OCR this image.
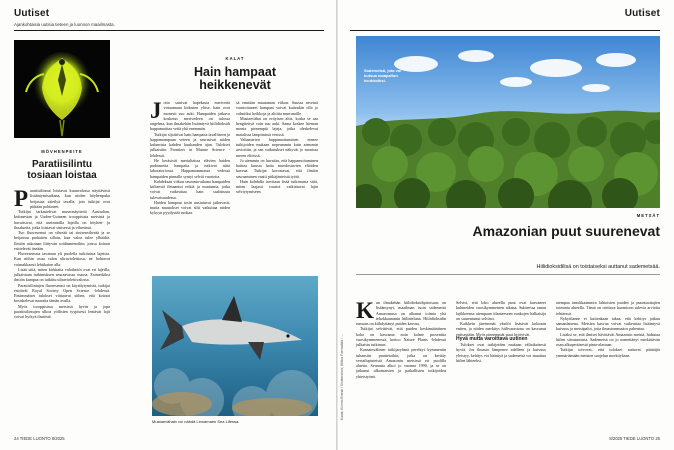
Uutiset
Ajankohtaisia uutisia tieteen ja luonnon maailmasta.
MÖVHENPEITE
Paratiisilintu tosiaan loistaa

Paratiisilinnut loistavat kuunvalossa näyttävästi lisääntymisaikana, kun niiden höyhenpuku heijastaa säteilyä tavalla, jota tutkijat ovat pitkään pohtineet.

Tutkijat tarkastelivat museonäytteitä Australian, Indonesian ja Uuden-Guinean trooppisista metsistä ja havaitsivat, että useimmilla lajeilla on höyhen- ja ihoalueita, jotka loistavat sinisessä ja vihreässä.

Tuo fluoresenssi on vihreää tai sinisenvihreää ja se heijastuu parhaiten silloin, kun valoa tulee ylhäältä. Ilmiön uskotaan liittyvän soidinmenoihin, joissa koiraat esittelevät itseään.

Fluoresenssia tavataan yli puolella tutkituista lajeista. Kun niihin osuu valon ultraviolettiosa, ne hohtavat voimakkaasti lehtikaton alla.

Lisää siitä, miten kirkkaita valoilmiöt ovat eri lajeilla, julkaistaan tutkimuksen seuraavassa osassa. Esimerkiksi ilmiön kampaa on tutkittu ultraviolettivalossa.

Paratiisilintujen fluoresenssi on käyttäytymistä, tutkijat esittävät Royal Society Open Science -lehdessä. Ensimmäiset tulokset viittaavat siihen, että koiraat kosiskelevat naaraita tämän avulla.

Myös trooppisissa metsissä hyvin ja jopa paratiisilintujen ulkoa yöllisten tyypisesti lentävät lajit voivat hyötyä ilmiöstä.

KALAT
Hain hampaat heikkenevät

Jotta saisivat hapekasta merivettä virtaamaan kidusten ylitse, hain ovat monesti suu auki. Hampaiden jatkuva kosketus merivedeen on tulossa ongelma, kun ilmakehän lisääntyvä hiilidioksidi happamoittaa vettä yhä enemmän.

Tutkijat sijoittivat hain hampaita tavalliseen ja happamampaan veteen ja seurasivat niiden kulumista kahden kuukauden ajan. Tulokset julkaistiin Frontiers in Marine Science -lehdessä.

He keräsivät merialtaissa elävien haiden pudonneita hampaita ja tutkivat niitä laboratoriossa. Happamammassa vedessä hampaiden pinnalle syntyi selviä vaurioita.

Kahdeksan viikon seuranta-aikana hampaiden kiilteestä ilmaantui reikiä ja murtumia, jotka voivat vaikeuttaa hain saalistusta tulevaisuudessa.

Haiden hampaat tosin uusiutuvat jatkuvasti, mutta muutokset voivat silti vaikuttaa niiden kykyyn pyydystää ruokaa.

sä enntään muutaman viikon. Suussa niveinä vaurioituneet hampaat voivat kuitenkin olla jo valmiiksi heikkoja ja alttiita murtumille.

Mustaevähai on erityisen altis, koska se saa hengitettyä vain suu auki. Sama koskee hieman monia pienempiä lajeja, jotka oleskelevat matalissa lämpimissä vesissä.

Valtamerien happamoituminen etenee tutkijoiden mukaan nopeammin kuin aiemmin arvioitiin, ja sen vaikutukset näkyvät jo monissa meren eliöissä.

Jo aiemmin on havaittu, että happamoituminen haittaa kuusta hatta muodostavien eliöiden kasvua. Tutkijat korostavat, että ilmiön seuraaminen vaatii pitkäjänteistä työtä.

Hain kohdalla tarvitaan lisää tutkimusta siitä, miten laajasti vauriot vaikuttavat lajin selviytymiseen.

Mustaevähain voi nähdä Linnamaen Sea Lifessa.
24 TIEDE LUONTO 8/2025
Uutiset
Sademetsä, jota voi kutsua maapallon keuhkoiksi.
METSÄT
Amazonian puut suurenevat
Hiilidioksidilisä on toistaiseksi auttanut sademetsää.
Kuvat: Kimmo Brandt / Shutterstock, Hilkka Fuensalida / ...

Kun ilmakehän hiilidioksidipitoisuus on lisääntynyt, maailman isoin sademetsä Amazonassa on alkanut toimia yhä tehokkaammin hiilinieluna. Hiilidioksidin runsaus on kiihdyttänyt puiden kasvua.

Tutkijat selvittivät, että puiden keskimääräinen koko on kasvanut noin kolme prosenttia vuosikymmenessä, kertoo Nature Plants -lehdessä julkaistu tutkimus.

Kansainvälinen tutkijaryhmä perehtyi kymmeniin tuhansiin puutietoihin, jotka on kerätty vertailupisteistä Amazonin metsissä eri puolilla aluetta. Seuranta alkoi jo vuonna 1990, ja se on jatkunut ulkomaisten ja paikallisten tutkijoiden yhteistyönä.

Selvisi, että loko alueella puut ovat kasvaneet kuluneiden vuosikymmenten aikana. Suhteessa oman lajikkeensa aiempaan tilanteeseen runkojen halkaisija on suurentunut selvästi.

Kaikkein järeimmät yksilöt lisäsivät kokoaan eniten, ja niiden merkitys hiilivarastona on kasvanut entisestään. Myös pienemmät puut hyötyivät.

Hyvä mutta varoittava uutinen

Tulokset ovat tutkijoiden mukaan väliaikaisesti hyviä. Jos ilmasto lämpenee edelleen ja kuivuus yleistyy, kehitys voi kääntyä ja sademetsä voi muuttua hiilen lähteeksi.

aiempaa innokkaammin lahtoisten puiden ja puuntuottajien toiminta alueella. Tämä on otettava huomioon tulevia arvioita tehtäessä.

Nykytilanne ei kuitenkaan takaa, että kehitys jatkuu samanlaisena. Metsien kasvua voivat vaikeuttaa lisääntyvä kuivuus ja metsäpalot, joita ilmastonmuutos pahentaa.

Lisäksi se, että ilmiset hävittävät Amazonin metsiä, hidastaa hiilen sitoutumista. Sademetsä on jo menettänyt merkittävän osan alkuperäisestä pinta-alastaan.

Tutkijat toivovat, että tulokset auttavat päättäjiä ymmärtämään metsien suojelun merkityksen.

8/2025 TIEDE LUONTO 25
